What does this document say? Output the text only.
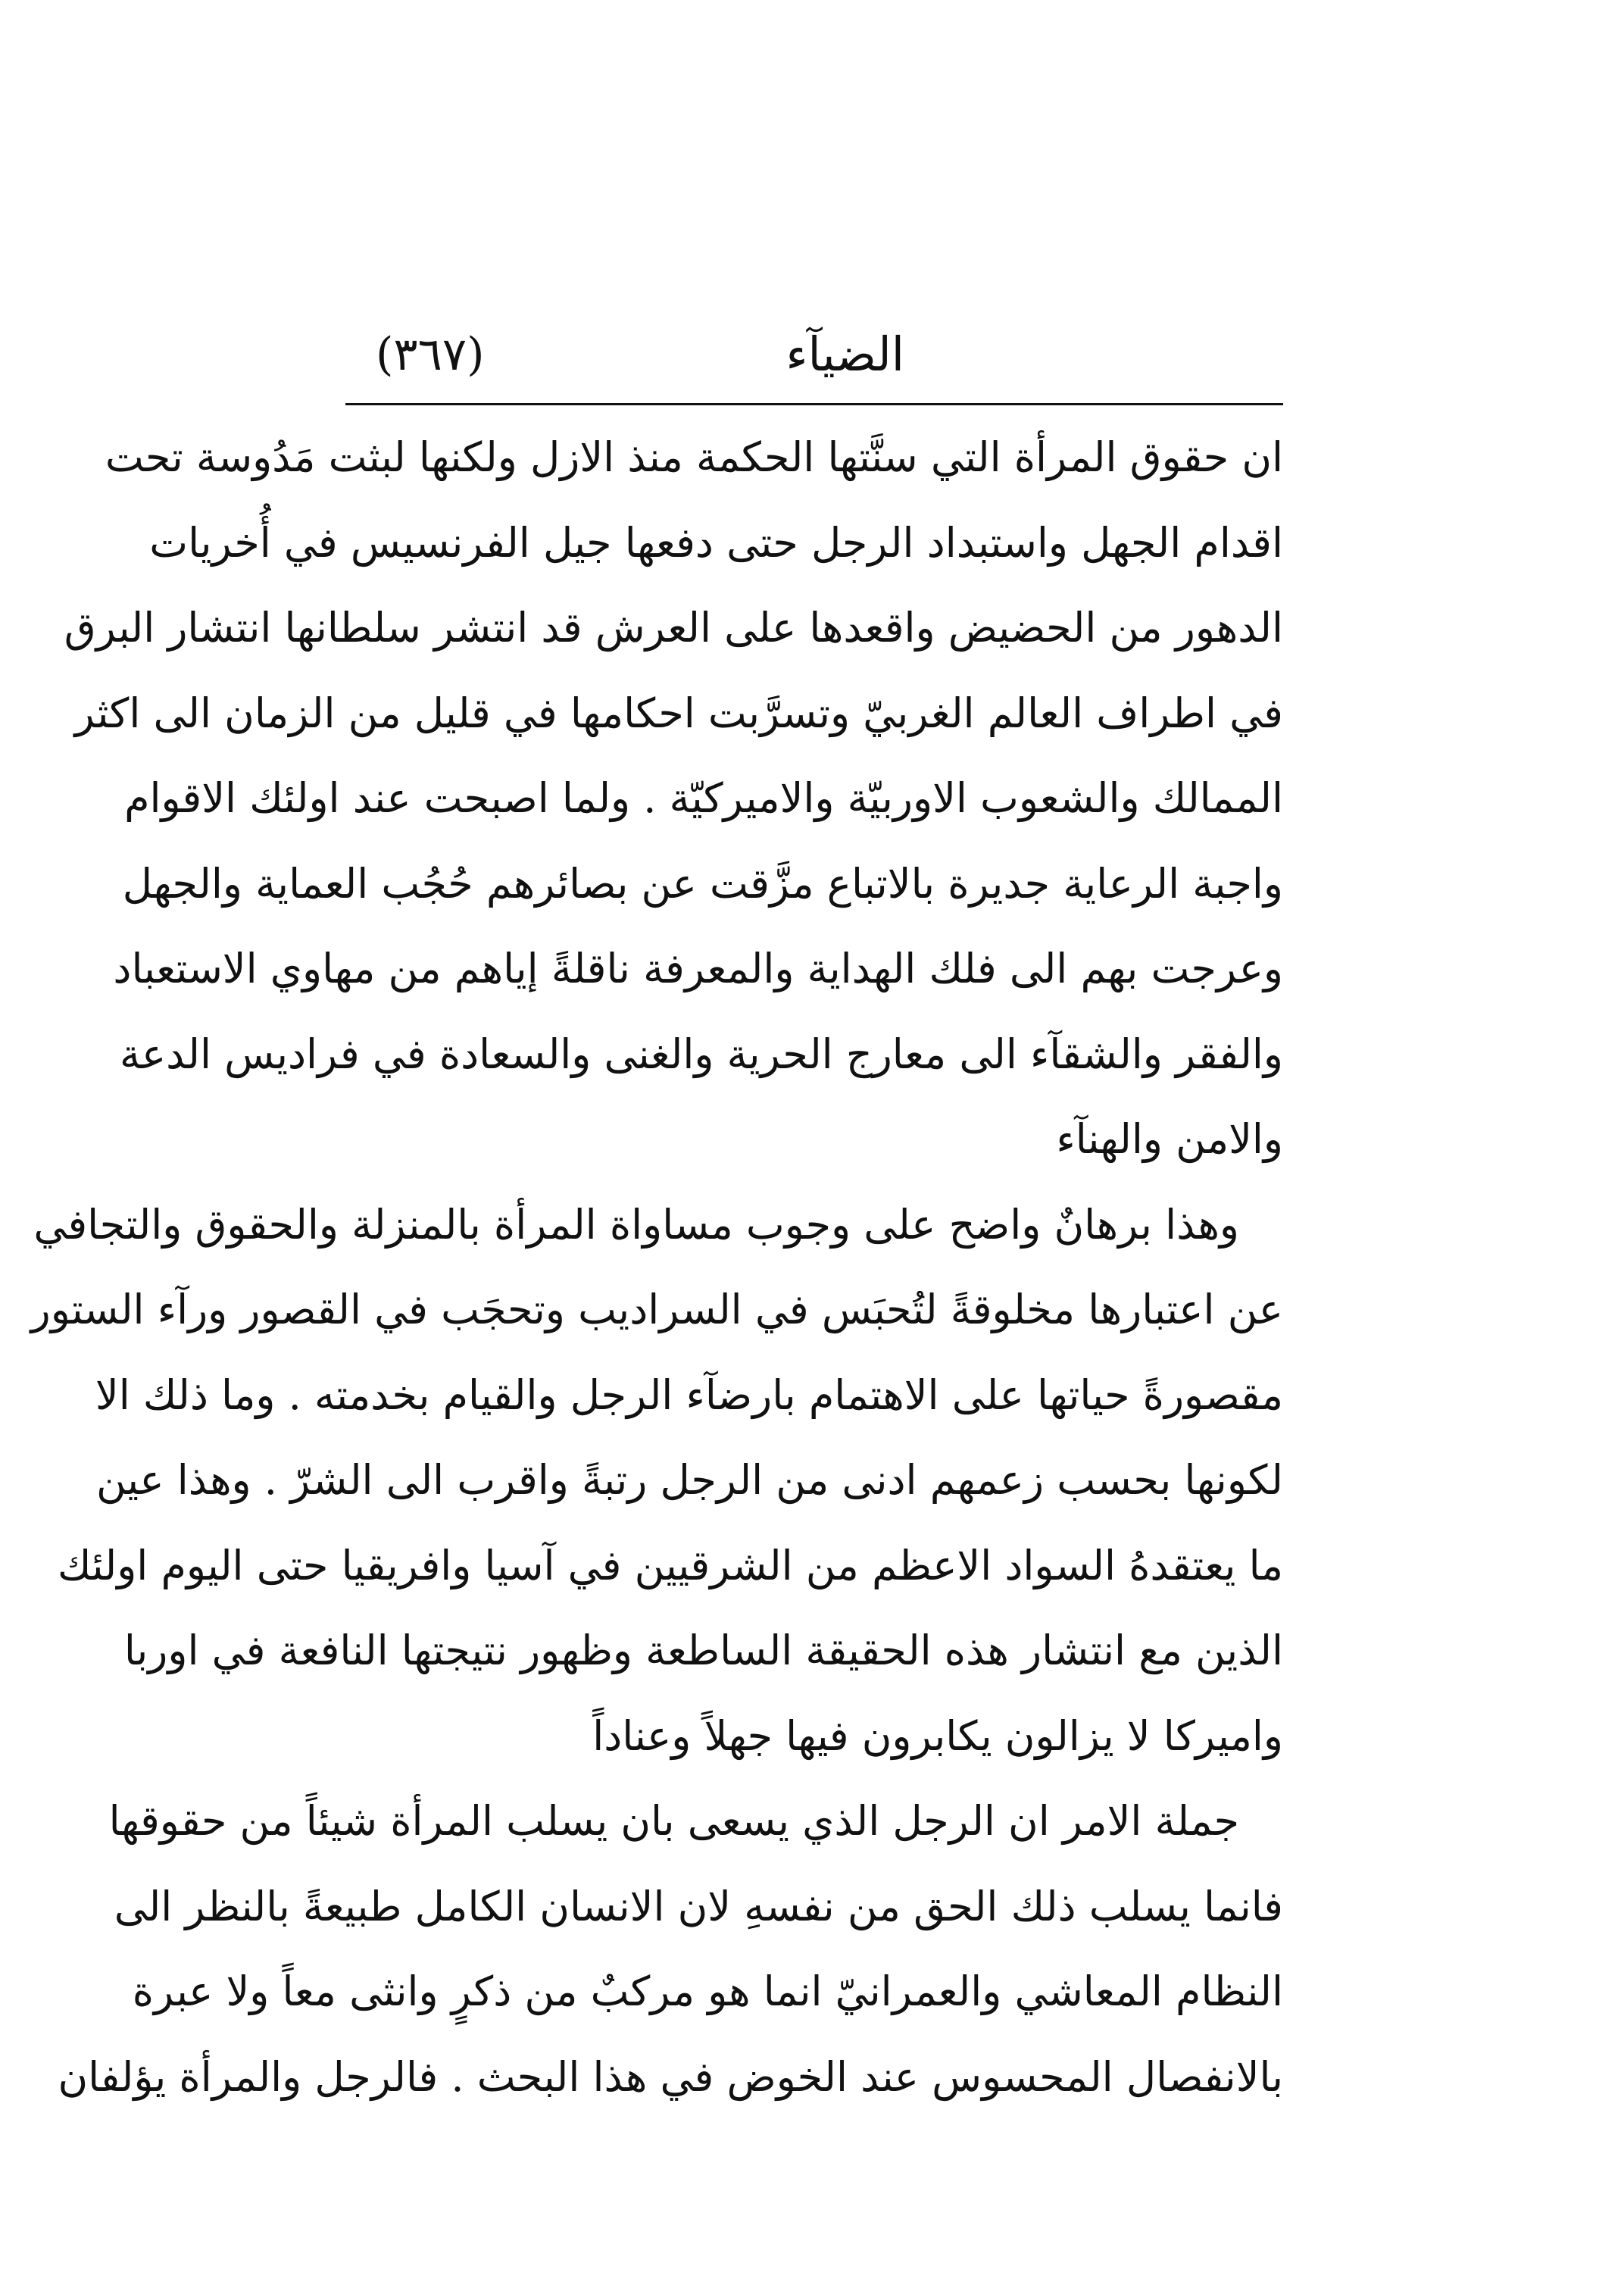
الضيآء
(٣٦٧)
ان حقوق المرأة التي سنَّتها الحكمة منذ الازل ولكنها لبثت مَدُوسة تحت
اقدام الجهل واستبداد الرجل حتى دفعها جيل الفرنسيس في أُخريات
الدهور من الحضيض واقعدها على العرش قد انتشر سلطانها انتشار البرق
في اطراف العالم الغربيّ وتسرَّبت احكامها في قليل من الزمان الى اكثر
الممالك والشعوب الاوربيّة والاميركيّة . ولما اصبحت عند اولئك الاقوام
واجبة الرعاية جديرة بالاتباع مزَّقت عن بصائرهم حُجُب العماية والجهل
وعرجت بهم الى فلك الهداية والمعرفة ناقلةً إياهم من مهاوي الاستعباد
والفقر والشقآء الى معارج الحرية والغنى والسعادة في فراديس الدعة
والامن والهنآء
وهذا برهانٌ واضح على وجوب مساواة المرأة بالمنزلة والحقوق والتجافي
عن اعتبارها مخلوقةً لتُحبَس في السراديب وتحجَب في القصور ورآء الستور
مقصورةً حياتها على الاهتمام بارضآء الرجل والقيام بخدمته . وما ذلك الا
لكونها بحسب زعمهم ادنى من الرجل رتبةً واقرب الى الشرّ . وهذا عين
ما يعتقدهُ السواد الاعظم من الشرقيين في آسيا وافريقيا حتى اليوم اولئك
الذين مع انتشار هذه الحقيقة الساطعة وظهور نتيجتها النافعة في اوربا
واميركا لا يزالون يكابرون فيها جهلاً وعناداً
جملة الامر ان الرجل الذي يسعى بان يسلب المرأة شيئاً من حقوقها
فانما يسلب ذلك الحق من نفسهِ لان الانسان الكامل طبيعةً بالنظر الى
النظام المعاشي والعمرانيّ انما هو مركبٌ من ذكرٍ وانثى معاً ولا عبرة
بالانفصال المحسوس عند الخوض في هذا البحث . فالرجل والمرأة يؤلفان
